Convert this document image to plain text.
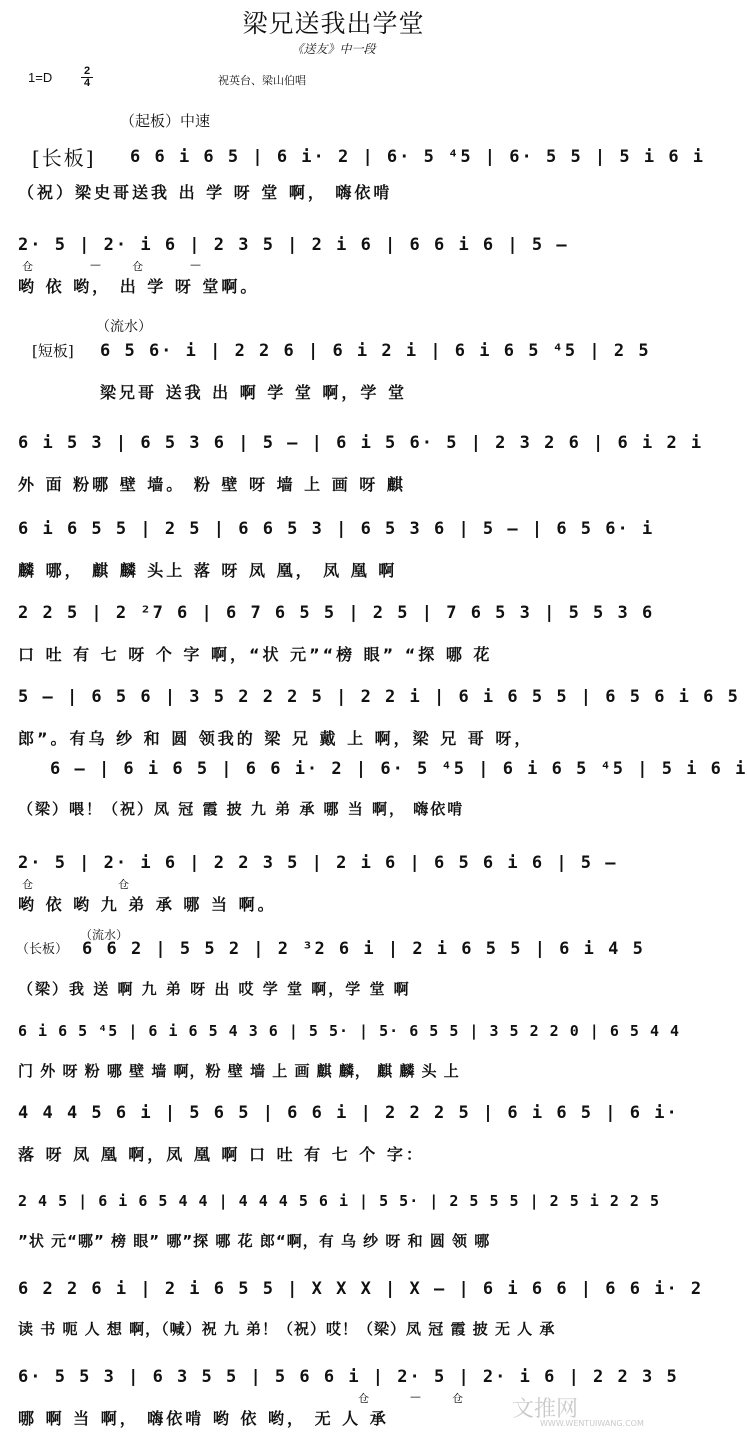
梁兄送我出学堂
《送友》中一段
1=D	2
4	祝英台、梁山伯唱
（起板）中速
（流水）
（流水）
[长板] 6 6 i 6 5 | 6 i· 2 | 6· 5 ⁴5 | 6· 5 5 | 5 i 6 i
（祝）梁史哥送我 出 学 呀 堂 啊， 嗨依啃
2· 5 | 2· i 6 | 2 3 5 | 2 i 6 | 6 6 i 6 | 5 –
仓	—	仓	—
哟 依 哟， 出 学 呀 堂啊。
[短板] 6 5 6· i | 2 2 6 | 6 i 2 i | 6 i 6 5 ⁴5 | 2 5
梁兄哥 送我 出 啊 学 堂 啊，学 堂
6 i 5 3 | 6 5 3 6 | 5 – | 6 i 5 6· 5 | 2 3 2 6 | 6 i 2 i
外 面 粉哪 壁 墙。 粉 壁 呀 墙 上 画 呀 麒
6 i 6 5 5 | 2 5 | 6 6 5 3 | 6 5 3 6 | 5 – | 6 5 6· i
麟 哪， 麒 麟 头上 落 呀 凤 凰， 凤 凰 啊
2 2 5 | 2 ²7 6 | 6 7 6 5 5 | 2 5 | 7 6 5 3 | 5 5 3 6
口 吐 有 七 呀 个 字 啊，“状 元”“榜 眼” “探 哪 花
5 – | 6 5 6 | 3 5 2 2 2 5 | 2 2 i | 6 i 6 5 5 | 6 5 6 i 6 5
郎”。有乌 纱 和 圆 领我的 梁 兄 戴 上 啊，梁 兄 哥 呀，
6 – | 6 i 6 5 | 6 6 i· 2 | 6· 5 ⁴5 | 6 i 6 5 ⁴5 | 5 i 6 i
（梁）喂！（祝）凤 冠 霞 披 九 弟 承 哪 当 啊， 嗨依啃
2· 5 | 2· i 6 | 2 2 3 5 | 2 i 6 | 6 5 6 i 6 | 5 –
仓	仓
哟 依 哟 九 弟 承 哪 当 啊。
（长板） 6 6 2 | 5 5 2 | 2 ³2 6 i | 2 i 6 5 5 | 6 i 4 5
（梁）我 送 啊 九 弟 呀 出 哎 学 堂 啊，学 堂 啊
6 i 6 5 ⁴5 | 6 i 6 5 4 3 6 | 5 5· | 5· 6 5 5 | 3 5 2 2 0 | 6 5 4 4
门 外 呀 粉 哪 壁 墙 啊，粉 壁 墙 上 画 麒 麟， 麒 麟 头 上
4 4 4 5 6 i | 5 6 5 | 6 6 i | 2 2 2 5 | 6 i 6 5 | 6 i·
落 呀 凤 凰 啊，凤 凰 啊 口 吐 有 七 个 字：
2 4 5 | 6 i 6 5 4 4 | 4 4 4 5 6 i | 5 5· | 2 5 5 5 | 2 5 i 2 2 5
”状 元“哪” 榜 眼” 哪”探 哪 花 郎“啊，有 乌 纱 呀 和 圆 领 哪
6 2 2 6 i | 2 i 6 5 5 | X X X | X – | 6 i 6 6 | 6 6 i· 2
读 书 呃 人 想 啊，（喊）祝 九 弟！（祝）哎！（梁）凤 冠 霞 披 无 人 承
6· 5 5 3 | 6 3 5 5 | 5 6 6 i | 2· 5 | 2· i 6 | 2 2 3 5
仓	—	仓
哪 啊 当 啊， 嗨依啃 哟 依 哟， 无 人 承	文推网
WWW.WENTUIWANG.COM
